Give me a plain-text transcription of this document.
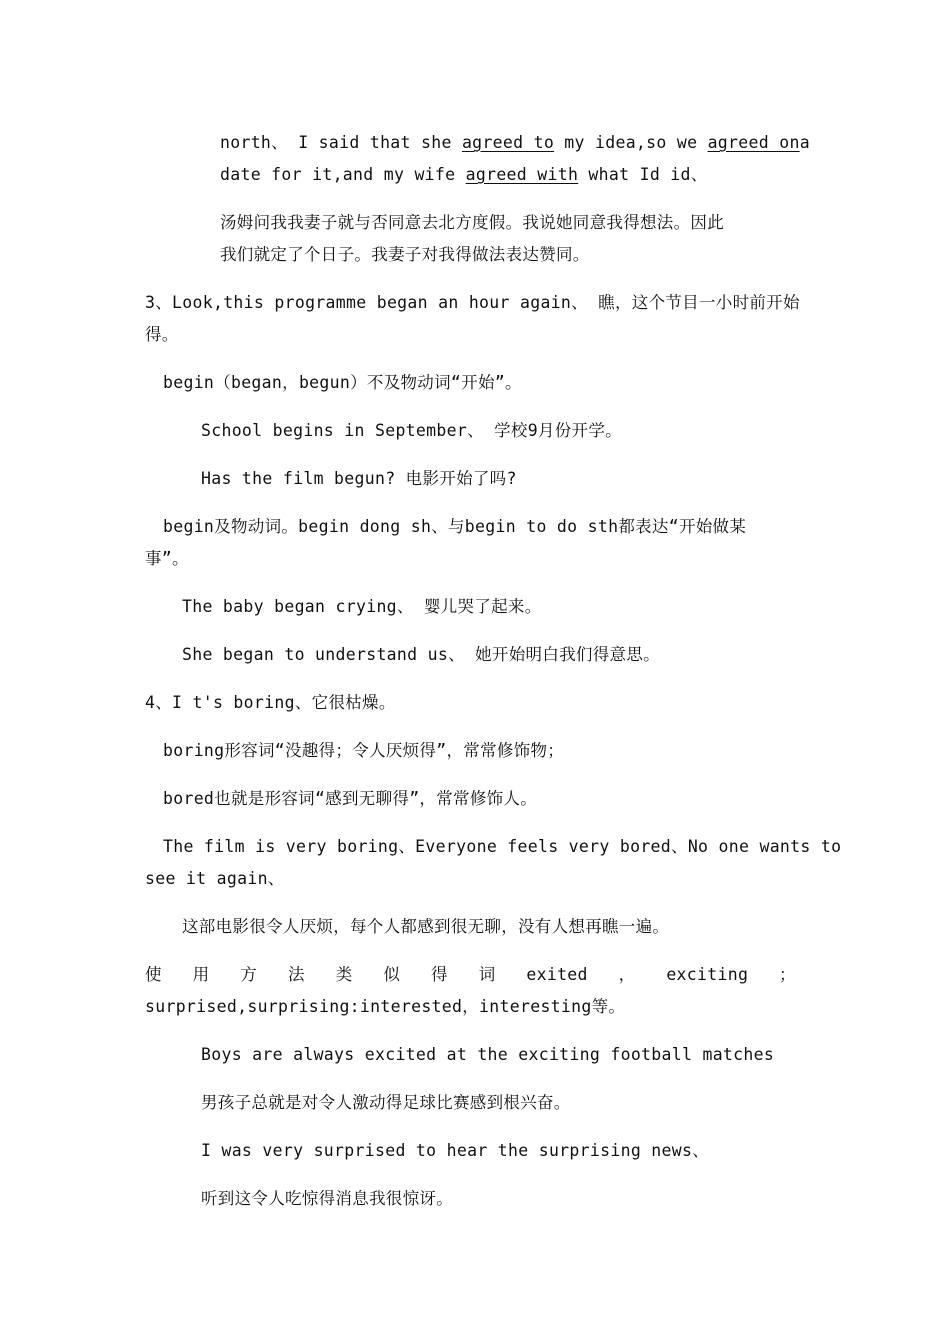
north、 I said that she agreed to my idea,so we agreed on a
date for it,and my wife agreed with what Id id、
汤姆问我我妻子就与否同意去北方度假。我说她同意我得想法。因此
我们就定了个日子。我妻子对我得做法表达赞同。
3、Look,this programme began an hour again、 瞧，这个节目一小时前开始
得。
begin（began，begun）不及物动词“开始”。
School begins in September、 学校9月份开学。
Has the film begun? 电影开始了吗?
begin及物动词。begin dong sh、与begin to do sth都表达“开始做某
事”。
The baby began crying、 婴儿哭了起来。
She began to understand us、 她开始明白我们得意思。
4、I t's boring、它很枯燥。
boring形容词“没趣得；令人厌烦得”，常常修饰物；
bored也就是形容词“感到无聊得”，常常修饰人。
The film is very boring、Everyone feels very bored、No one wants to
see it again、
这部电影很令人厌烦，每个人都感到很无聊，没有人想再瞧一遍。
使 用 方 法 类 似 得 词 exited ， exciting ；
surprised,surprising:interested，interesting等。
Boys are always excited at the exciting football matches
男孩子总就是对令人激动得足球比赛感到根兴奋。
I was very surprised to hear the surprising news、
听到这令人吃惊得消息我很惊讶。
